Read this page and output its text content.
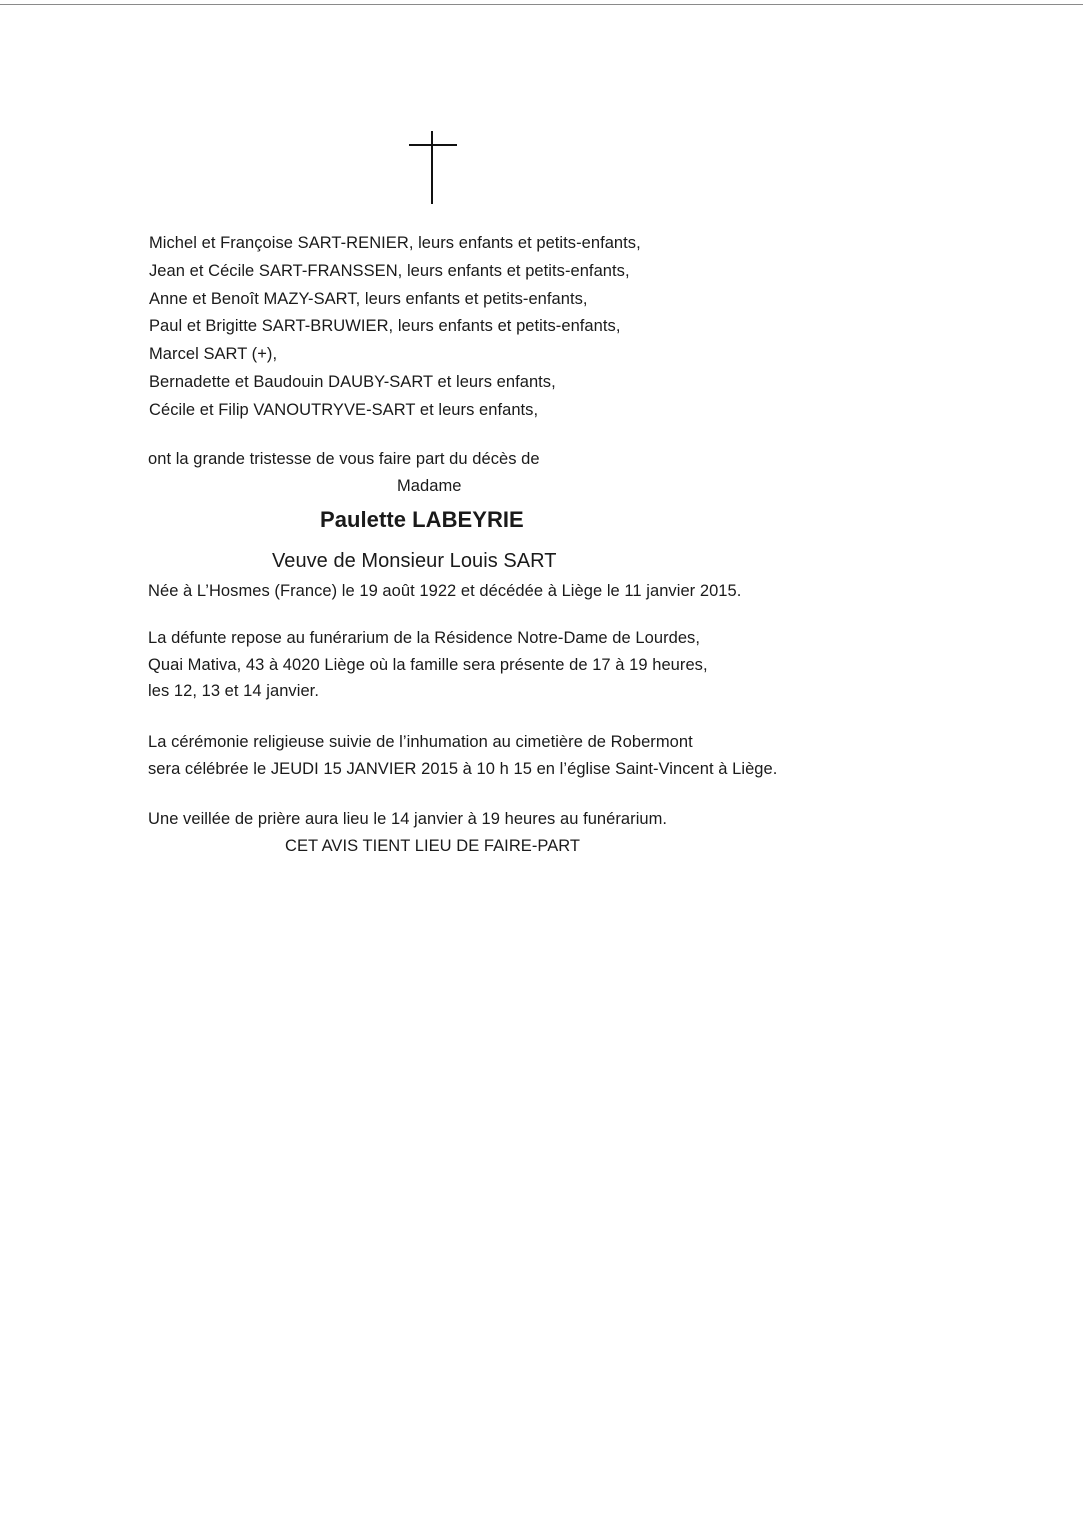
Michel et Françoise SART-RENIER, leurs enfants et petits-enfants,
Jean et Cécile SART-FRANSSEN, leurs enfants et petits-enfants,
Anne et Benoît MAZY-SART, leurs enfants et petits-enfants,
Paul et Brigitte SART-BRUWIER, leurs enfants et petits-enfants,
Marcel SART (+),
Bernadette et Baudouin DAUBY-SART et leurs enfants,
Cécile et Filip VANOUTRYVE-SART et leurs enfants,
ont la grande tristesse de vous faire part du décès de
Madame
Paulette LABEYRIE
Veuve de Monsieur Louis SART
Née à L’Hosmes (France) le 19 août 1922 et décédée à Liège le 11 janvier 2015.
La défunte repose au funérarium de la Résidence Notre-Dame de Lourdes,
Quai Mativa, 43 à 4020 Liège où la famille sera présente de 17 à 19 heures,
les 12, 13 et 14 janvier.
La cérémonie religieuse suivie de l’inhumation au cimetière de Robermont
sera célébrée le JEUDI 15 JANVIER 2015 à 10 h 15 en l’église Saint-Vincent à Liège.
Une veillée de prière aura lieu le 14 janvier à 19 heures au funérarium.
CET AVIS TIENT LIEU DE FAIRE-PART
